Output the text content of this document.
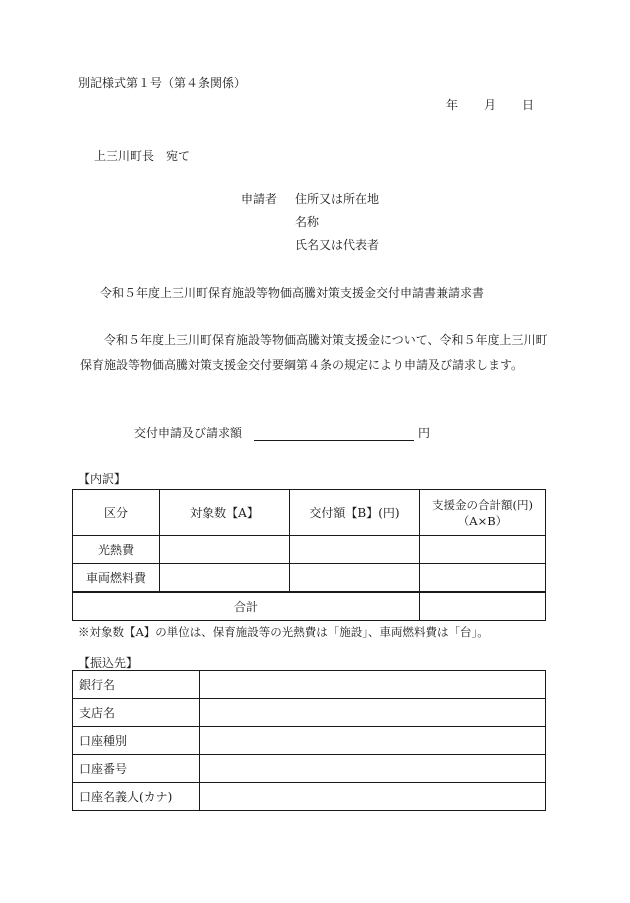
別記様式第１号（第４条関係）
年 月 日
上三川町長　宛て
申請者 住所又は所在地
名称
氏名又は代表者
令和５年度上三川町保育施設等物価高騰対策支援金交付申請書兼請求書
令和５年度上三川町保育施設等物価高騰対策支援金について、令和５年度上三川町保育施設等物価高騰対策支援金交付要綱第４条の規定により申請及び請求します。
交付申請及び請求額	円
【内訳】
区分	対象数【A】	交付額【B】(円)	支援金の合計額(円)
（A×B）

光熱費			
車両燃料費			
合計			
※対象数【A】の単位は、保育施設等の光熱費は「施設」、車両燃料費は「台」。
【振込先】
銀行名	
支店名	
口座種別	
口座番号	
口座名義人(カナ)	
